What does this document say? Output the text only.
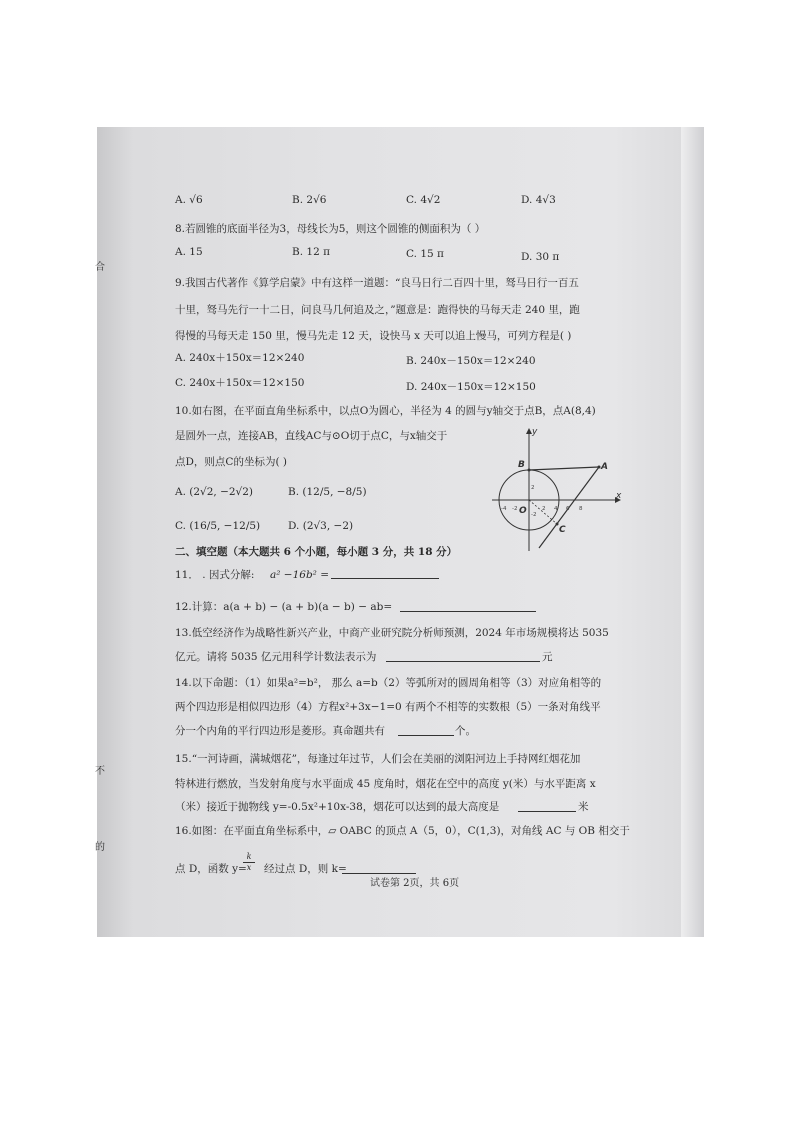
合
不
的
A. √6	B. 2√6	C. 4√2	D. 4√3
8.若圆锥的底面半径为3，母线长为5，则这个圆锥的侧面积为（ ）
A. 15	B. 12 π	C. 15 π	D. 30 π
9.我国古代著作《算学启蒙》中有这样一道题：“良马日行二百四十里，驽马日行一百五
十里，驽马先行一十二日，问良马几何追及之，”题意是：跑得快的马每天走 240 里，跑
得慢的马每天走 150 里，慢马先走 12 天，设快马 x 天可以追上慢马，可列方程是( )
A. 240x＋150x＝12×240	B. 240x－150x＝12×240
C. 240x＋150x＝12×150	D. 240x－150x＝12×150
10.如右图，在平面直角坐标系中，以点O为圆心，半径为 4 的圆与y轴交于点B，点A(8,4)
是圆外一点，连接AB，直线AC与⊙O切于点C，与x轴交于
点D，则点C的坐标为( )
A. (2√2, −2√2)	B. (12/5, −8/5)
C. (16/5, −12/5)	D. (2√3, −2)
-4 -2	2 4 6 8
2
-2
x
y
O
A
B
C
二、填空题（本大题共 6 个小题，每小题 3 分，共 18 分）
11． . 因式分解: a² −16b² =
12.计算：a(a + b) − (a + b)(a − b) − ab=
13.低空经济作为战略性新兴产业，中商产业研究院分析师预测，2024 年市场规模将达 5035
亿元。请将 5035 亿元用科学计数法表示为	元
14.以下命题：（1）如果a²=b²， 那么 a=b（2）等弧所对的圆周角相等（3）对应角相等的
两个四边形是相似四边形（4）方程x²+3x−1=0 有两个不相等的实数根（5）一条对角线平
分一个内角的平行四边形是菱形。真命题共有	个。
15.“一河诗画，满城烟花”，每逢过年过节，人们会在美丽的浏阳河边上手持网红烟花加
特林进行燃放，当发射角度与水平面成 45 度角时，烟花在空中的高度 y(米）与水平距离 x
（米）接近于抛物线 y=-0.5x²+10x-38，烟花可以达到的最大高度是	米
16.如图：在平面直角坐标系中，▱ OABC 的顶点 A（5，0），C(1,3)，对角线 AC 与 OB 相交于
点 D，函数 y=
$\frac{k}{x}$ 经过点 D，则 k=
试卷第 2页，共 6页
